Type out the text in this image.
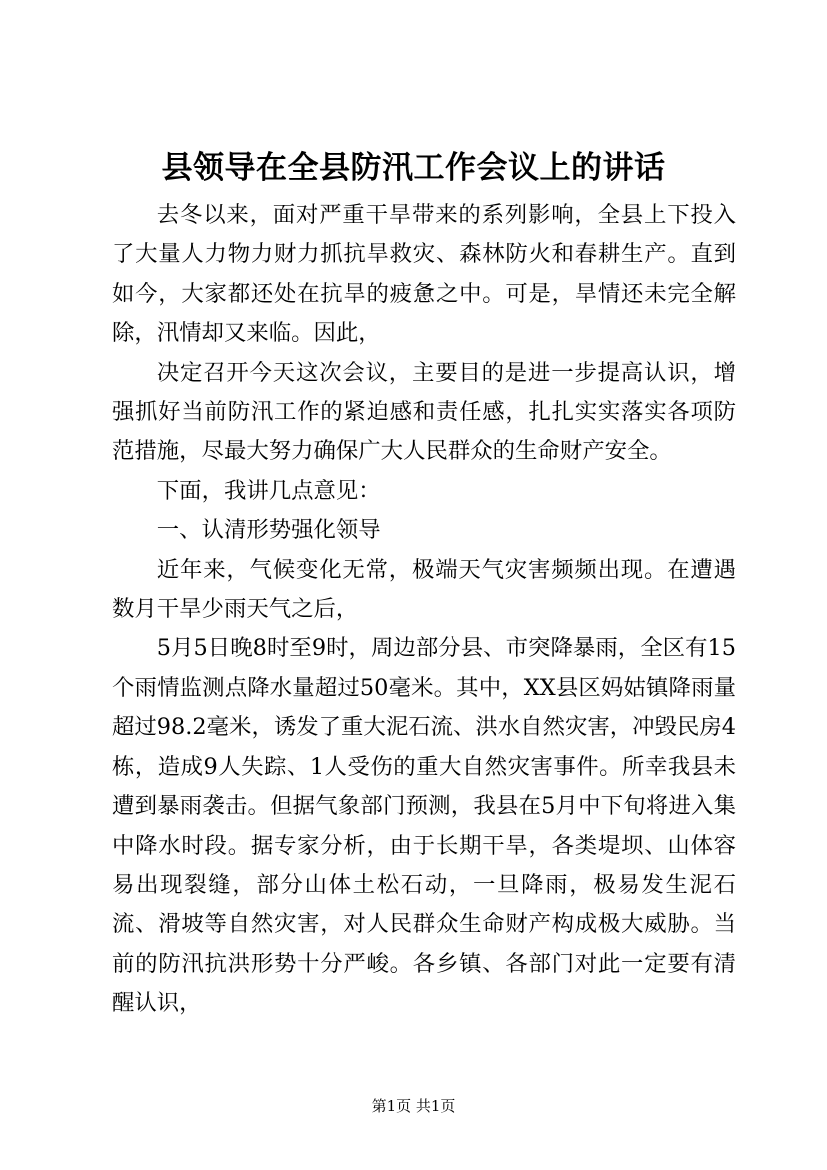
县领导在全县防汛工作会议上的讲话

去冬以来，面对严重干旱带来的系列影响，全县上下投入了大量人力物力财力抓抗旱救灾、森林防火和春耕生产。直到如今，大家都还处在抗旱的疲惫之中。可是，旱情还未完全解除，汛情却又来临。因此，

决定召开今天这次会议，主要目的是进一步提高认识，增强抓好当前防汛工作的紧迫感和责任感，扎扎实实落实各项防范措施，尽最大努力确保广大人民群众的生命财产安全。

下面，我讲几点意见：

一、认清形势强化领导

近年来，气候变化无常，极端天气灾害频频出现。在遭遇数月干旱少雨天气之后，

5月5日晚8时至9时，周边部分县、市突降暴雨，全区有15个雨情监测点降水量超过50毫米。其中，XX县区妈姑镇降雨量超过98.2毫米，诱发了重大泥石流、洪水自然灾害，冲毁民房4栋，造成9人失踪、1人受伤的重大自然灾害事件。所幸我县未遭到暴雨袭击。但据气象部门预测，我县在5月中下旬将进入集中降水时段。据专家分析，由于长期干旱，各类堤坝、山体容易出现裂缝，部分山体土松石动，一旦降雨，极易发生泥石流、滑坡等自然灾害，对人民群众生命财产构成极大威胁。当前的防汛抗洪形势十分严峻。各乡镇、各部门对此一定要有清醒认识，

第1页 共1页
